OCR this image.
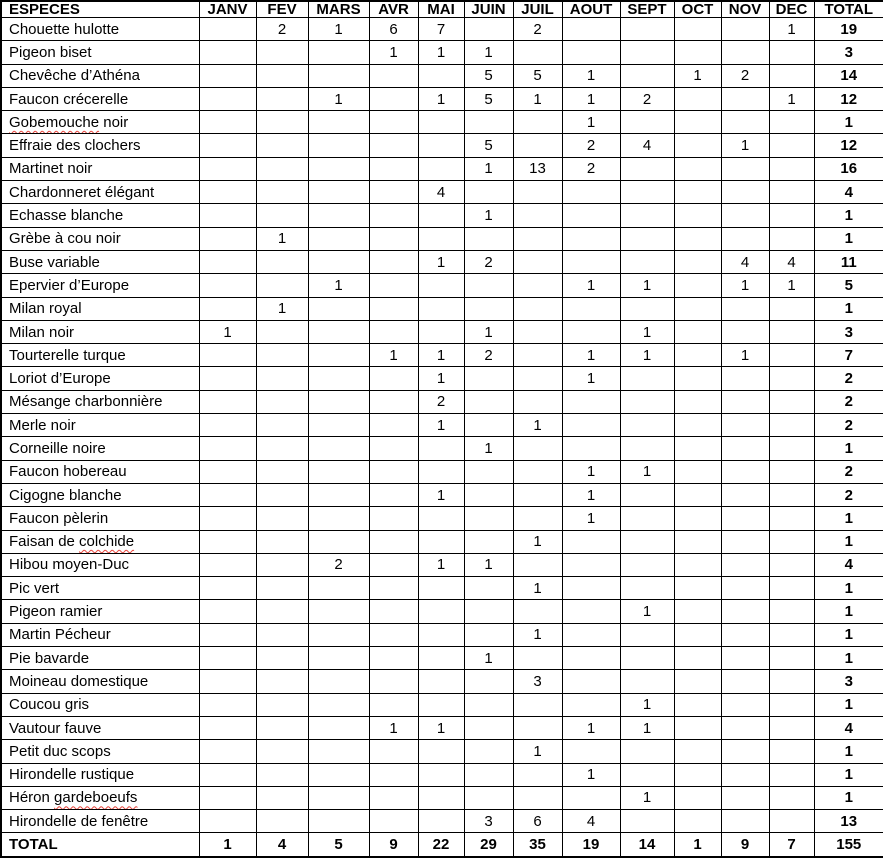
ESPECES	JANV	FEV	MARS	AVR	MAI	JUIN	JUIL	AOUT	SEPT	OCT	NOV	DEC	TOTAL
Chouette hulotte		2	1	6	7		2					1	19
Pigeon biset				1	1	1							3
Chevêche d’Athéna						5	5	1		1	2		14
Faucon crécerelle			1		1	5	1	1	2			1	12
Gobemouche noir								1					1
Effraie des clochers						5		2	4		1		12
Martinet noir						1	13	2					16
Chardonneret élégant					4								4
Echasse blanche						1							1
Grèbe à cou noir		1											1
Buse variable					1	2					4	4	11
Epervier d’Europe			1					1	1		1	1	5
Milan royal		1											1
Milan noir	1					1			1				3
Tourterelle turque				1	1	2		1	1		1		7
Loriot d’Europe					1			1					2
Mésange charbonnière					2								2
Merle noir					1		1						2
Corneille noire						1							1
Faucon hobereau								1	1				2
Cigogne blanche					1			1					2
Faucon pèlerin								1					1
Faisan de colchide							1						1
Hibou moyen-Duc			2		1	1							4
Pic vert							1						1
Pigeon ramier									1				1
Martin Pécheur							1						1
Pie bavarde						1							1
Moineau domestique							3						3
Coucou gris									1				1
Vautour fauve				1	1			1	1				4
Petit duc scops							1						1
Hirondelle rustique								1					1
Héron gardeboeufs									1				1
Hirondelle de fenêtre						3	6	4					13
TOTAL	1	4	5	9	22	29	35	19	14	1	9	7	155
